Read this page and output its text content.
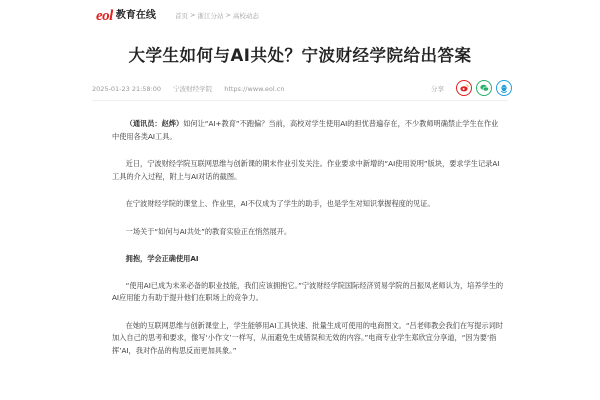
eol 教育在线	首页 > 浙江分站 > 高校动态
大学生如何与AI共处？宁波财经学院给出答案
2025-01-23 21:58:00 宁波财经学院 https://www.eol.cn	分享

（通讯员：赵烨）如何让“AI+教育”不跑偏？当前，高校对学生使用AI的担忧普遍存在，不少教师明确禁止学生在作业中使用各类AI工具。

近日，宁波财经学院互联网思维与创新课的期末作业引发关注。作业要求中新增的“AI使用说明”版块，要求学生记录AI工具的介入过程，附上与AI对话的截图。

在宁波财经学院的课堂上、作业里，AI不仅成为了学生的助手，也是学生对知识掌握程度的见证。

一场关于“如何与AI共处”的教育实验正在悄然展开。

拥抱，学会正确使用AI

“使用AI已成为未来必备的职业技能，我们应该拥抱它。”宁波财经学院国际经济贸易学院的吕振凤老师认为，培养学生的AI应用能力有助于提升他们在职场上的竞争力。

在她的互联网思维与创新课堂上，学生能够用AI工具快速、批量生成可使用的电商图文。“吕老师教会我们在写提示词时加入自己的思考和要求，像写‘小作文’一样写，从而避免生成错误和无效的内容。”电商专业学生郑欣宜分享道，“因为要‘指挥’AI，我对作品的构思反而更加具象。”
